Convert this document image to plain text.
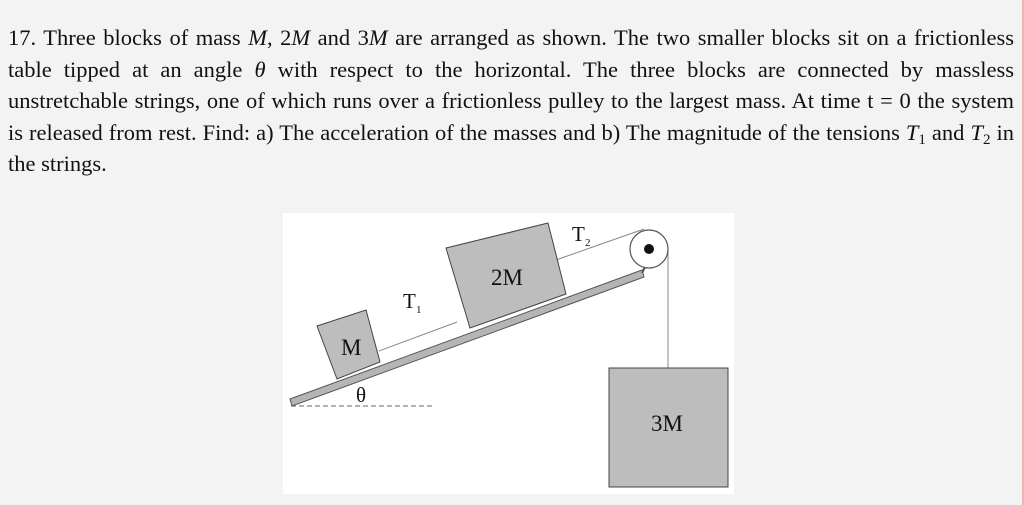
17. Three blocks of mass M, 2M and 3M are arranged as shown. The two smaller blocks sit on a frictionless table tipped at an angle θ with respect to the horizontal. The three blocks are connected by massless unstretchable strings, one of which runs over a frictionless pulley to the largest mass. At time t = 0 the system is released from rest. Find: a) The acceleration of the masses and b) The magnitude of the tensions $T_1$ and $T_2$ in the strings.

M
2M
3M
T 1
T 2
θ
